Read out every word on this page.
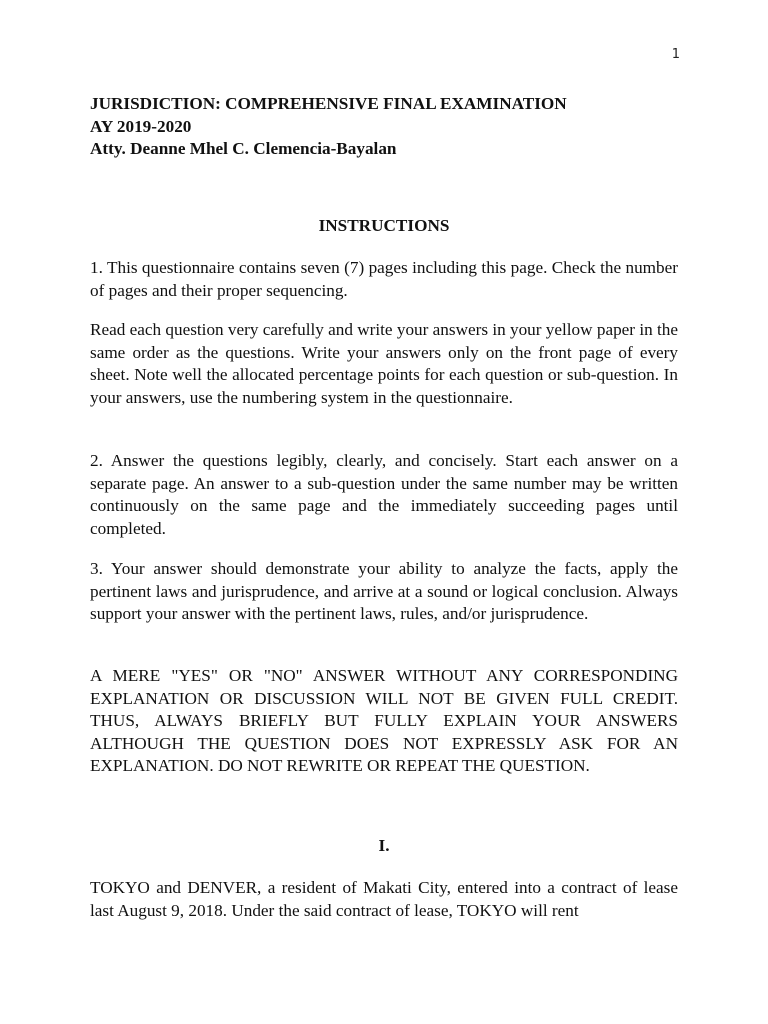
1
JURISDICTION: COMPREHENSIVE FINAL EXAMINATION
AY 2019-2020
Atty. Deanne Mhel C. Clemencia-Bayalan
INSTRUCTIONS
1. This questionnaire contains seven (7) pages including this page. Check the number of pages and their proper sequencing.
Read each question very carefully and write your answers in your yellow paper in the same order as the questions. Write your answers only on the front page of every sheet. Note well the allocated percentage points for each question or sub-question. In your answers, use the numbering system in the questionnaire.
2. Answer the questions legibly, clearly, and concisely. Start each answer on a separate page. An answer to a sub-question under the same number may be written continuously on the same page and the immediately succeeding pages until completed.
3. Your answer should demonstrate your ability to analyze the facts, apply the pertinent laws and jurisprudence, and arrive at a sound or logical conclusion. Always support your answer with the pertinent laws, rules, and/or jurisprudence.
A MERE "YES" OR "NO" ANSWER WITHOUT ANY CORRESPONDING EXPLANATION OR DISCUSSION WILL NOT BE GIVEN FULL CREDIT. THUS, ALWAYS BRIEFLY BUT FULLY EXPLAIN YOUR ANSWERS ALTHOUGH THE QUESTION DOES NOT EXPRESSLY ASK FOR AN EXPLANATION. DO NOT REWRITE OR REPEAT THE QUESTION.
I.
TOKYO and DENVER, a resident of Makati City, entered into a contract of lease last August 9, 2018. Under the said contract of lease, TOKYO will rent
